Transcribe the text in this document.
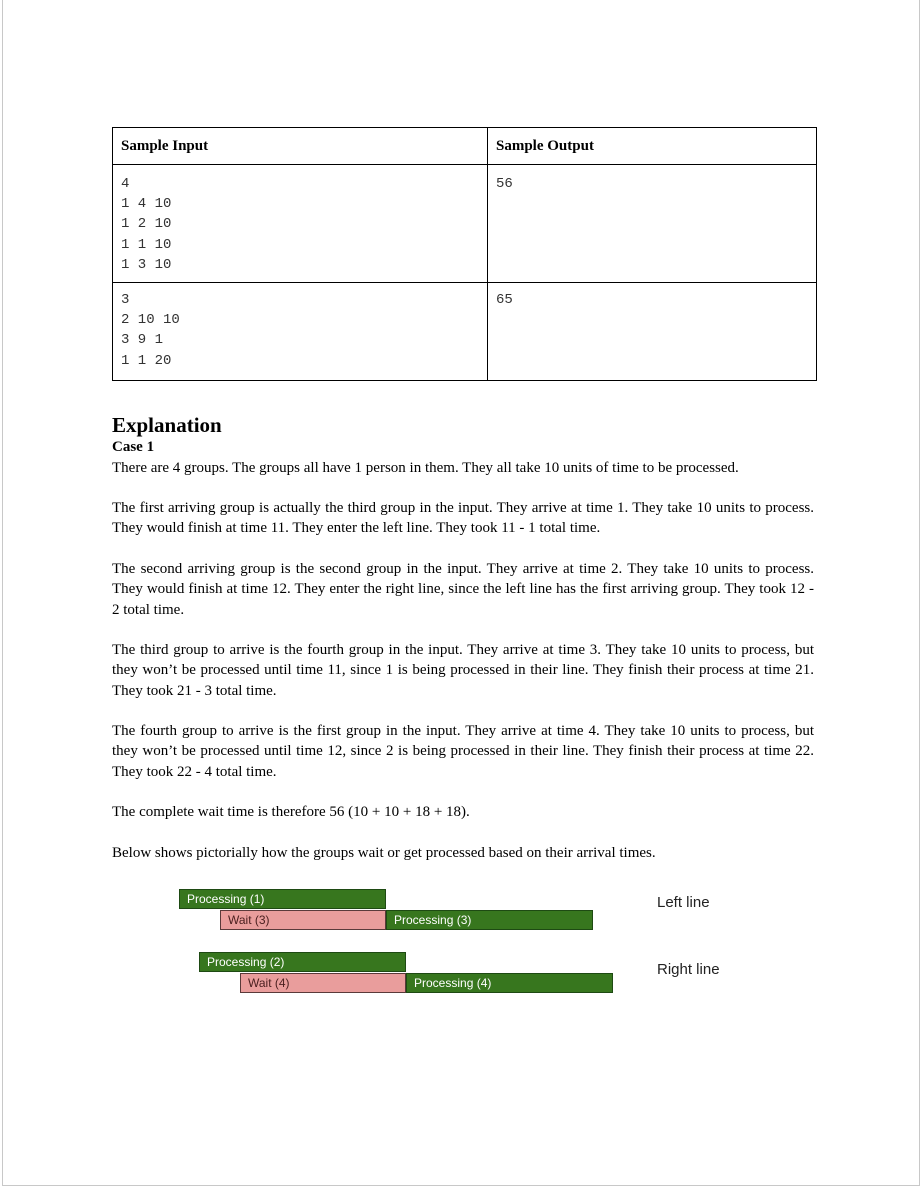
Sample Input	Sample Output
4
1 4 10
1 2 10
1 1 10
1 3 10	56
3
2 10 10
3 9 1
1 1 20	65
Explanation
Case 1

There are 4 groups. The groups all have 1 person in them. They all take 10 units of time to be processed.

The first arriving group is actually the third group in the input. They arrive at time 1. They take 10 units to process. They would finish at time 11. They enter the left line. They took 11 - 1 total time.

The second arriving group is the second group in the input. They arrive at time 2. They take 10 units to process. They would finish at time 12. They enter the right line, since the left line has the first arriving group. They took 12 - 2 total time.

The third group to arrive is the fourth group in the input. They arrive at time 3. They take 10 units to process, but they won’t be processed until time 11, since 1 is being processed in their line. They finish their process at time 21. They took 21 - 3 total time.

The fourth group to arrive is the first group in the input. They arrive at time 4. They take 10 units to process, but they won’t be processed until time 12, since 2 is being processed in their line. They finish their process at time 22. They took 22 - 4 total time.

The complete wait time is therefore 56 (10 + 10 + 18 + 18).

Below shows pictorially how the groups wait or get processed based on their arrival times.

Processing (1)
Wait (3)	Processing (3)
Left line
Processing (2)
Wait (4)	Processing (4)
Right line
